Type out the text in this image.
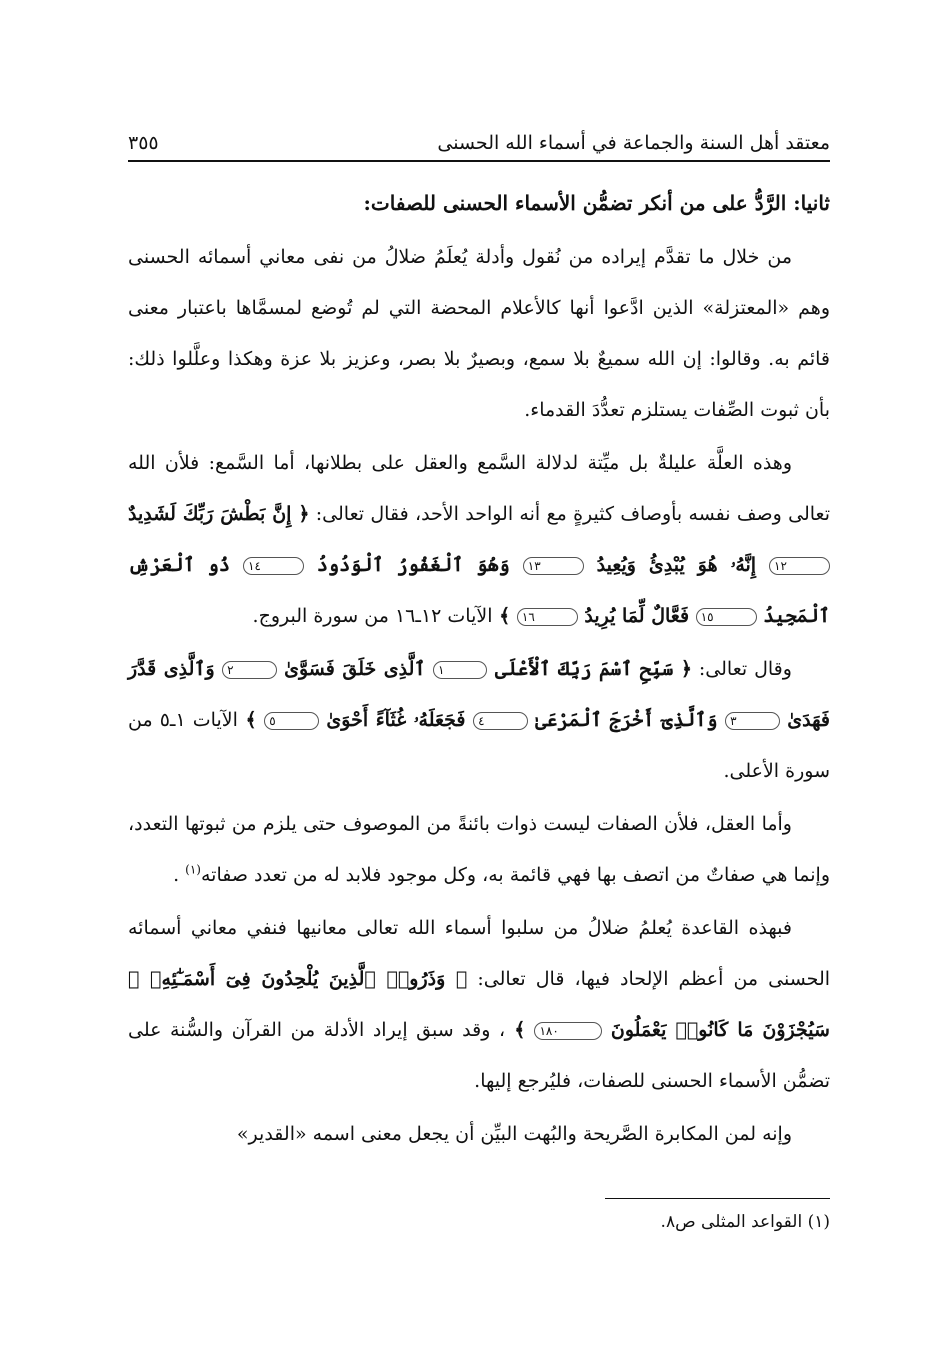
معتقد أهل السنة والجماعة في أسماء الله الحسنى
٣٥٥
ثانيا: الرَّدُّ على من أنكر تضمُّن الأسماء الحسنى للصفات:

من خلال ما تقدَّم إيراده من نُقول وأدلة يُعلَمُ ضلالُ من نفى معاني أسمائه الحسنى وهم «المعتزلة» الذين ادَّعوا أنها كالأعلام المحضة التي لم تُوضع لمسمَّاها باعتبار معنى قائم به. وقالوا: إن الله سميعٌ بلا سمع، وبصيرٌ بلا بصر، وعزيز بلا عزة وهكذا وعلَّلوا ذلك: بأن ثبوت الصِّفات يستلزم تعدُّدَ القدماء.

وهذه العلَّة عليلةٌ بل ميِّتة لدلالة السَّمع والعقل على بطلانها، أما السَّمع: فلأن الله تعالى وصف نفسه بأوصاف كثيرةٍ مع أنه الواحد الأحد، فقال تعالى: ﴿ إِنَّ بَطْشَ رَبِّكَ لَشَدِيدٌ ١٢ إِنَّهُۥ هُوَ يُبْدِئُ وَيُعِيدُ ١٣ وَهُوَ ٱلْغَفُورُ ٱلْوَدُودُ ١٤ ذُو ٱلْعَرْشِ ٱلْمَجِيدُ ١٥ فَعَّالٌ لِّمَا يُرِيدُ ١٦ ﴾ الآيات ١٢ـ١٦ من سورة البروج.

وقال تعالى: ﴿ سَبِّحِ ٱسْمَ رَبِّكَ ٱلْأَعْلَى ١ ٱلَّذِى خَلَقَ فَسَوَّىٰ ٢ وَٱلَّذِى قَدَّرَ فَهَدَىٰ ٣ وَٱلَّذِىٓ أَخْرَجَ ٱلْمَرْعَىٰ ٤ فَجَعَلَهُۥ غُثَآءً أَحْوَىٰ ٥ ﴾ الآيات ١ـ٥ من سورة الأعلى.

وأما العقل، فلأن الصفات ليست ذوات بائنةً من الموصوف حتى يلزم من ثبوتها التعدد، وإنما هي صفاتٌ من اتصف بها فهي قائمة به، وكل موجود فلابد له من تعدد صفاته$^{(١)}$ .

فبهذه القاعدة يُعلمُ ضلالُ من سلبوا أسماء الله تعالى معانيها فنفي معاني أسمائه الحسنى من أعظم الإلحاد فيها، قال تعالى: ﴿ وَذَرُوا۟ ٱلَّذِينَ يُلْحِدُونَ فِىٓ أَسْمَـٰٓئِهِۦ ۚ سَيُجْزَوْنَ مَا كَانُوا۟ يَعْمَلُونَ ١٨٠ ﴾ ، وقد سبق إيراد الأدلة من القرآن والسُّنة على تضمُّن الأسماء الحسنى للصفات، فليُرجع إليها.

وإنه لمن المكابرة الصَّريحة والبُهت البيِّن أن يجعل معنى اسمه «القدير»

(١) القواعد المثلى ص٨.
